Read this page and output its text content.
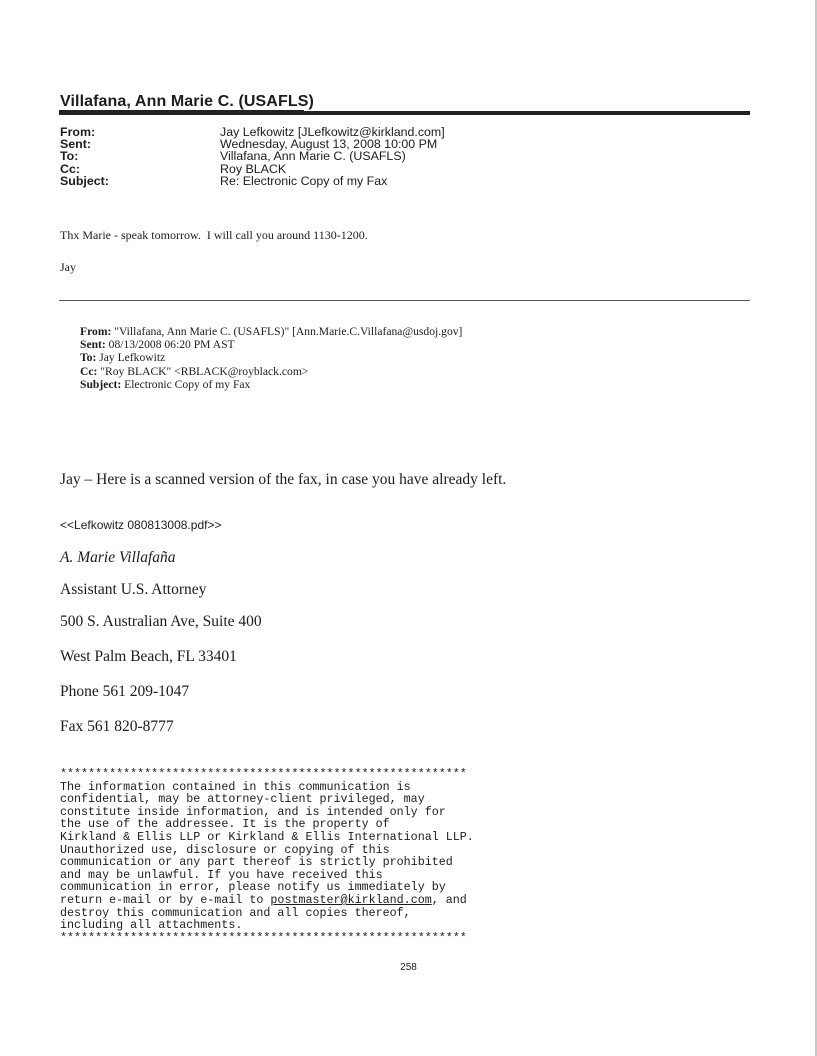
Villafana, Ann Marie C. (USAFLS)
From:	Jay Lefkowitz [JLefkowitz@kirkland.com]
Sent:	Wednesday, August 13, 2008 10:00 PM
To:	Villafana, Ann Marie C. (USAFLS)
Cc:	Roy BLACK
Subject:	Re: Electronic Copy of my Fax
Thx Marie - speak tomorrow.  I will call you around 1130-1200.
Jay
From: "Villafana, Ann Marie C. (USAFLS)" [Ann.Marie.C.Villafana@usdoj.gov]
Sent: 08/13/2008 06:20 PM AST
To: Jay Lefkowitz
Cc: "Roy BLACK" <RBLACK@royblack.com>
Subject: Electronic Copy of my Fax
Jay – Here is a scanned version of the fax, in case you have already left.
<<Lefkowitz 080813008.pdf>>
A. Marie Villafaña
Assistant U.S. Attorney
500 S. Australian Ave, Suite 400
West Palm Beach, FL 33401
Phone 561 209-1047
Fax 561 820-8777
**********************************************************
The information contained in this communication is
confidential, may be attorney-client privileged, may
constitute inside information, and is intended only for
the use of the addressee. It is the property of
Kirkland & Ellis LLP or Kirkland & Ellis International LLP.
Unauthorized use, disclosure or copying of this
communication or any part thereof is strictly prohibited
and may be unlawful. If you have received this
communication in error, please notify us immediately by
return e-mail or by e-mail to postmaster@kirkland.com, and
destroy this communication and all copies thereof,
including all attachments.
**********************************************************
258
